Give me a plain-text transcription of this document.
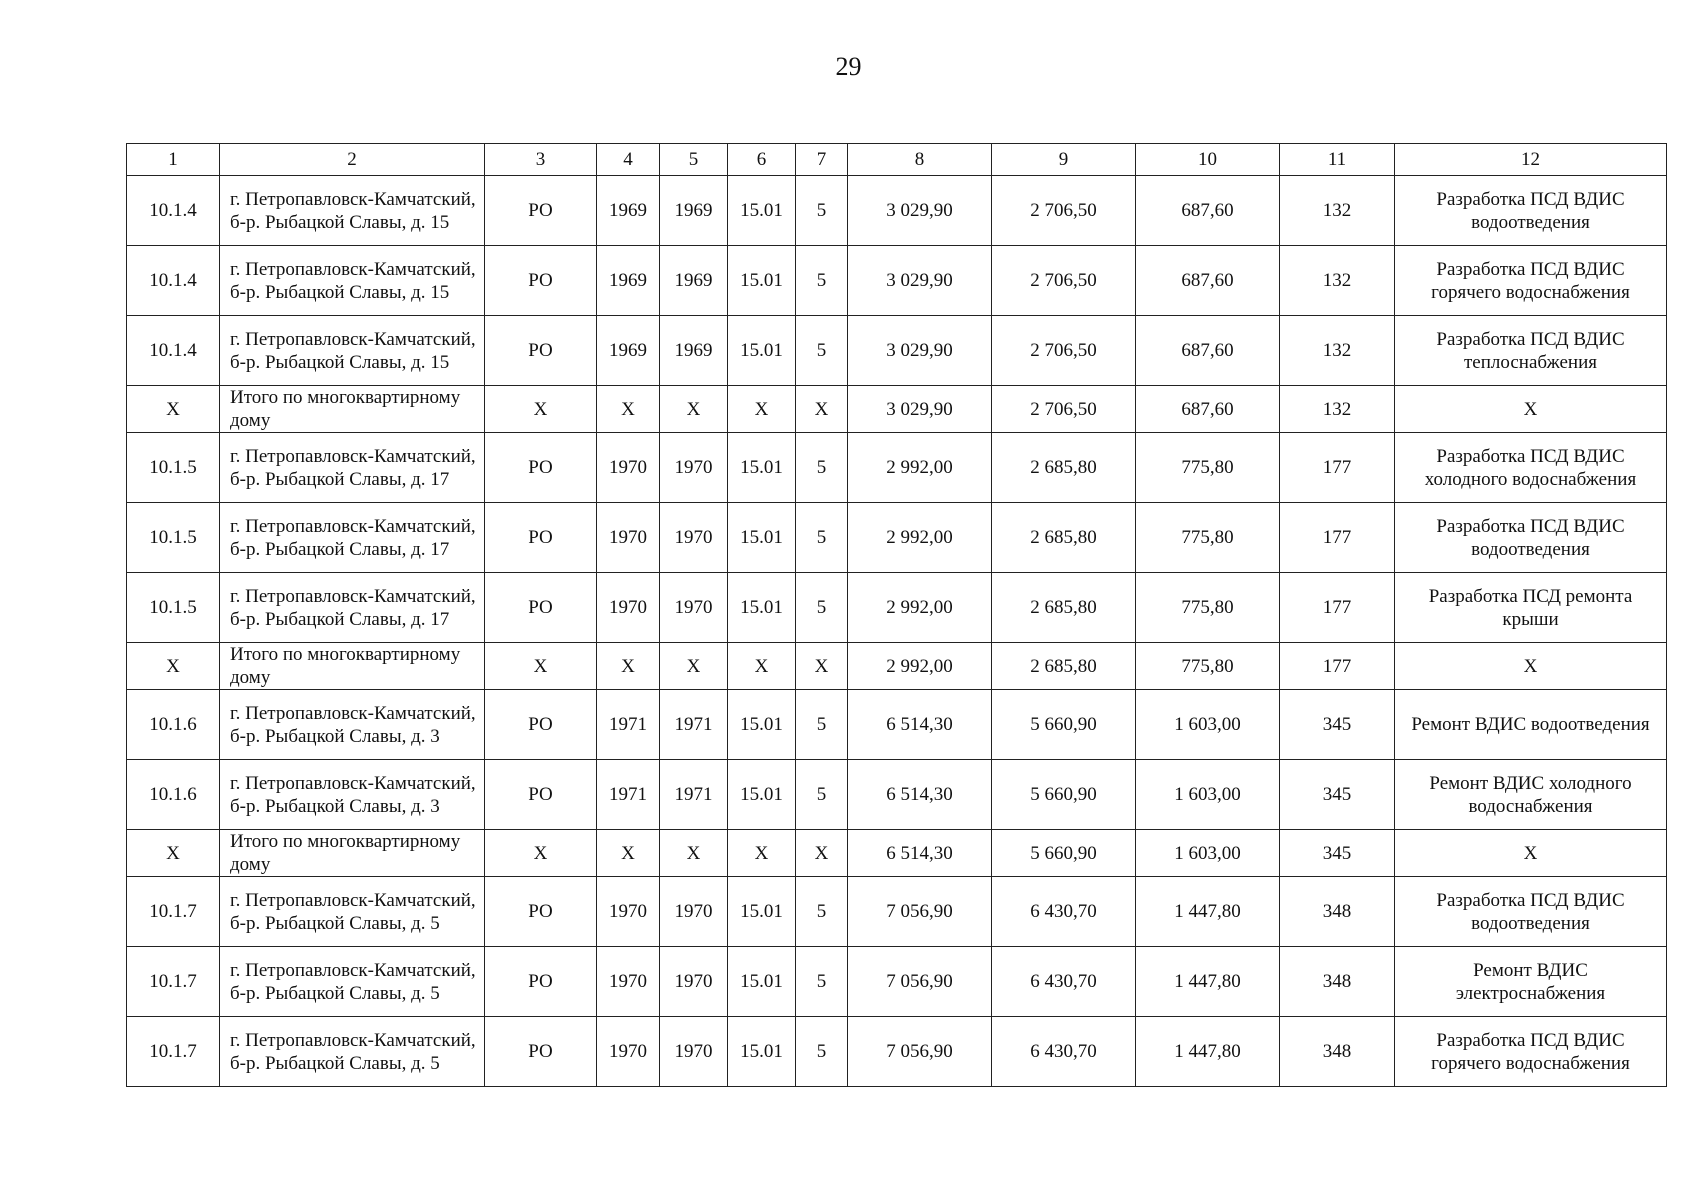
29
1	2	3	4	5	6	7	8	9	10	11	12
10.1.4	г. Петропавловск-Камчатский, б-р. Рыбацкой Славы, д. 15	РО	1969	1969	15.01	5	3 029,90	2 706,50	687,60	132	Разработка ПСД ВДИС водоотведения
10.1.4	г. Петропавловск-Камчатский, б-р. Рыбацкой Славы, д. 15	РО	1969	1969	15.01	5	3 029,90	2 706,50	687,60	132	Разработка ПСД ВДИС горячего водоснабжения
10.1.4	г. Петропавловск-Камчатский, б-р. Рыбацкой Славы, д. 15	РО	1969	1969	15.01	5	3 029,90	2 706,50	687,60	132	Разработка ПСД ВДИС теплоснабжения
Х	Итого по многоквартирному дому	Х	Х	Х	Х	Х	3 029,90	2 706,50	687,60	132	Х
10.1.5	г. Петропавловск-Камчатский, б-р. Рыбацкой Славы, д. 17	РО	1970	1970	15.01	5	2 992,00	2 685,80	775,80	177	Разработка ПСД ВДИС холодного водоснабжения
10.1.5	г. Петропавловск-Камчатский, б-р. Рыбацкой Славы, д. 17	РО	1970	1970	15.01	5	2 992,00	2 685,80	775,80	177	Разработка ПСД ВДИС водоотведения
10.1.5	г. Петропавловск-Камчатский, б-р. Рыбацкой Славы, д. 17	РО	1970	1970	15.01	5	2 992,00	2 685,80	775,80	177	Разработка ПСД ремонта крыши
Х	Итого по многоквартирному дому	Х	Х	Х	Х	Х	2 992,00	2 685,80	775,80	177	Х
10.1.6	г. Петропавловск-Камчатский, б-р. Рыбацкой Славы, д. 3	РО	1971	1971	15.01	5	6 514,30	5 660,90	1 603,00	345	Ремонт ВДИС водоотведения
10.1.6	г. Петропавловск-Камчатский, б-р. Рыбацкой Славы, д. 3	РО	1971	1971	15.01	5	6 514,30	5 660,90	1 603,00	345	Ремонт ВДИС холодного водоснабжения
Х	Итого по многоквартирному дому	Х	Х	Х	Х	Х	6 514,30	5 660,90	1 603,00	345	Х
10.1.7	г. Петропавловск-Камчатский, б-р. Рыбацкой Славы, д. 5	РО	1970	1970	15.01	5	7 056,90	6 430,70	1 447,80	348	Разработка ПСД ВДИС водоотведения
10.1.7	г. Петропавловск-Камчатский, б-р. Рыбацкой Славы, д. 5	РО	1970	1970	15.01	5	7 056,90	6 430,70	1 447,80	348	Ремонт ВДИС электроснабжения
10.1.7	г. Петропавловск-Камчатский, б-р. Рыбацкой Славы, д. 5	РО	1970	1970	15.01	5	7 056,90	6 430,70	1 447,80	348	Разработка ПСД ВДИС горячего водоснабжения
